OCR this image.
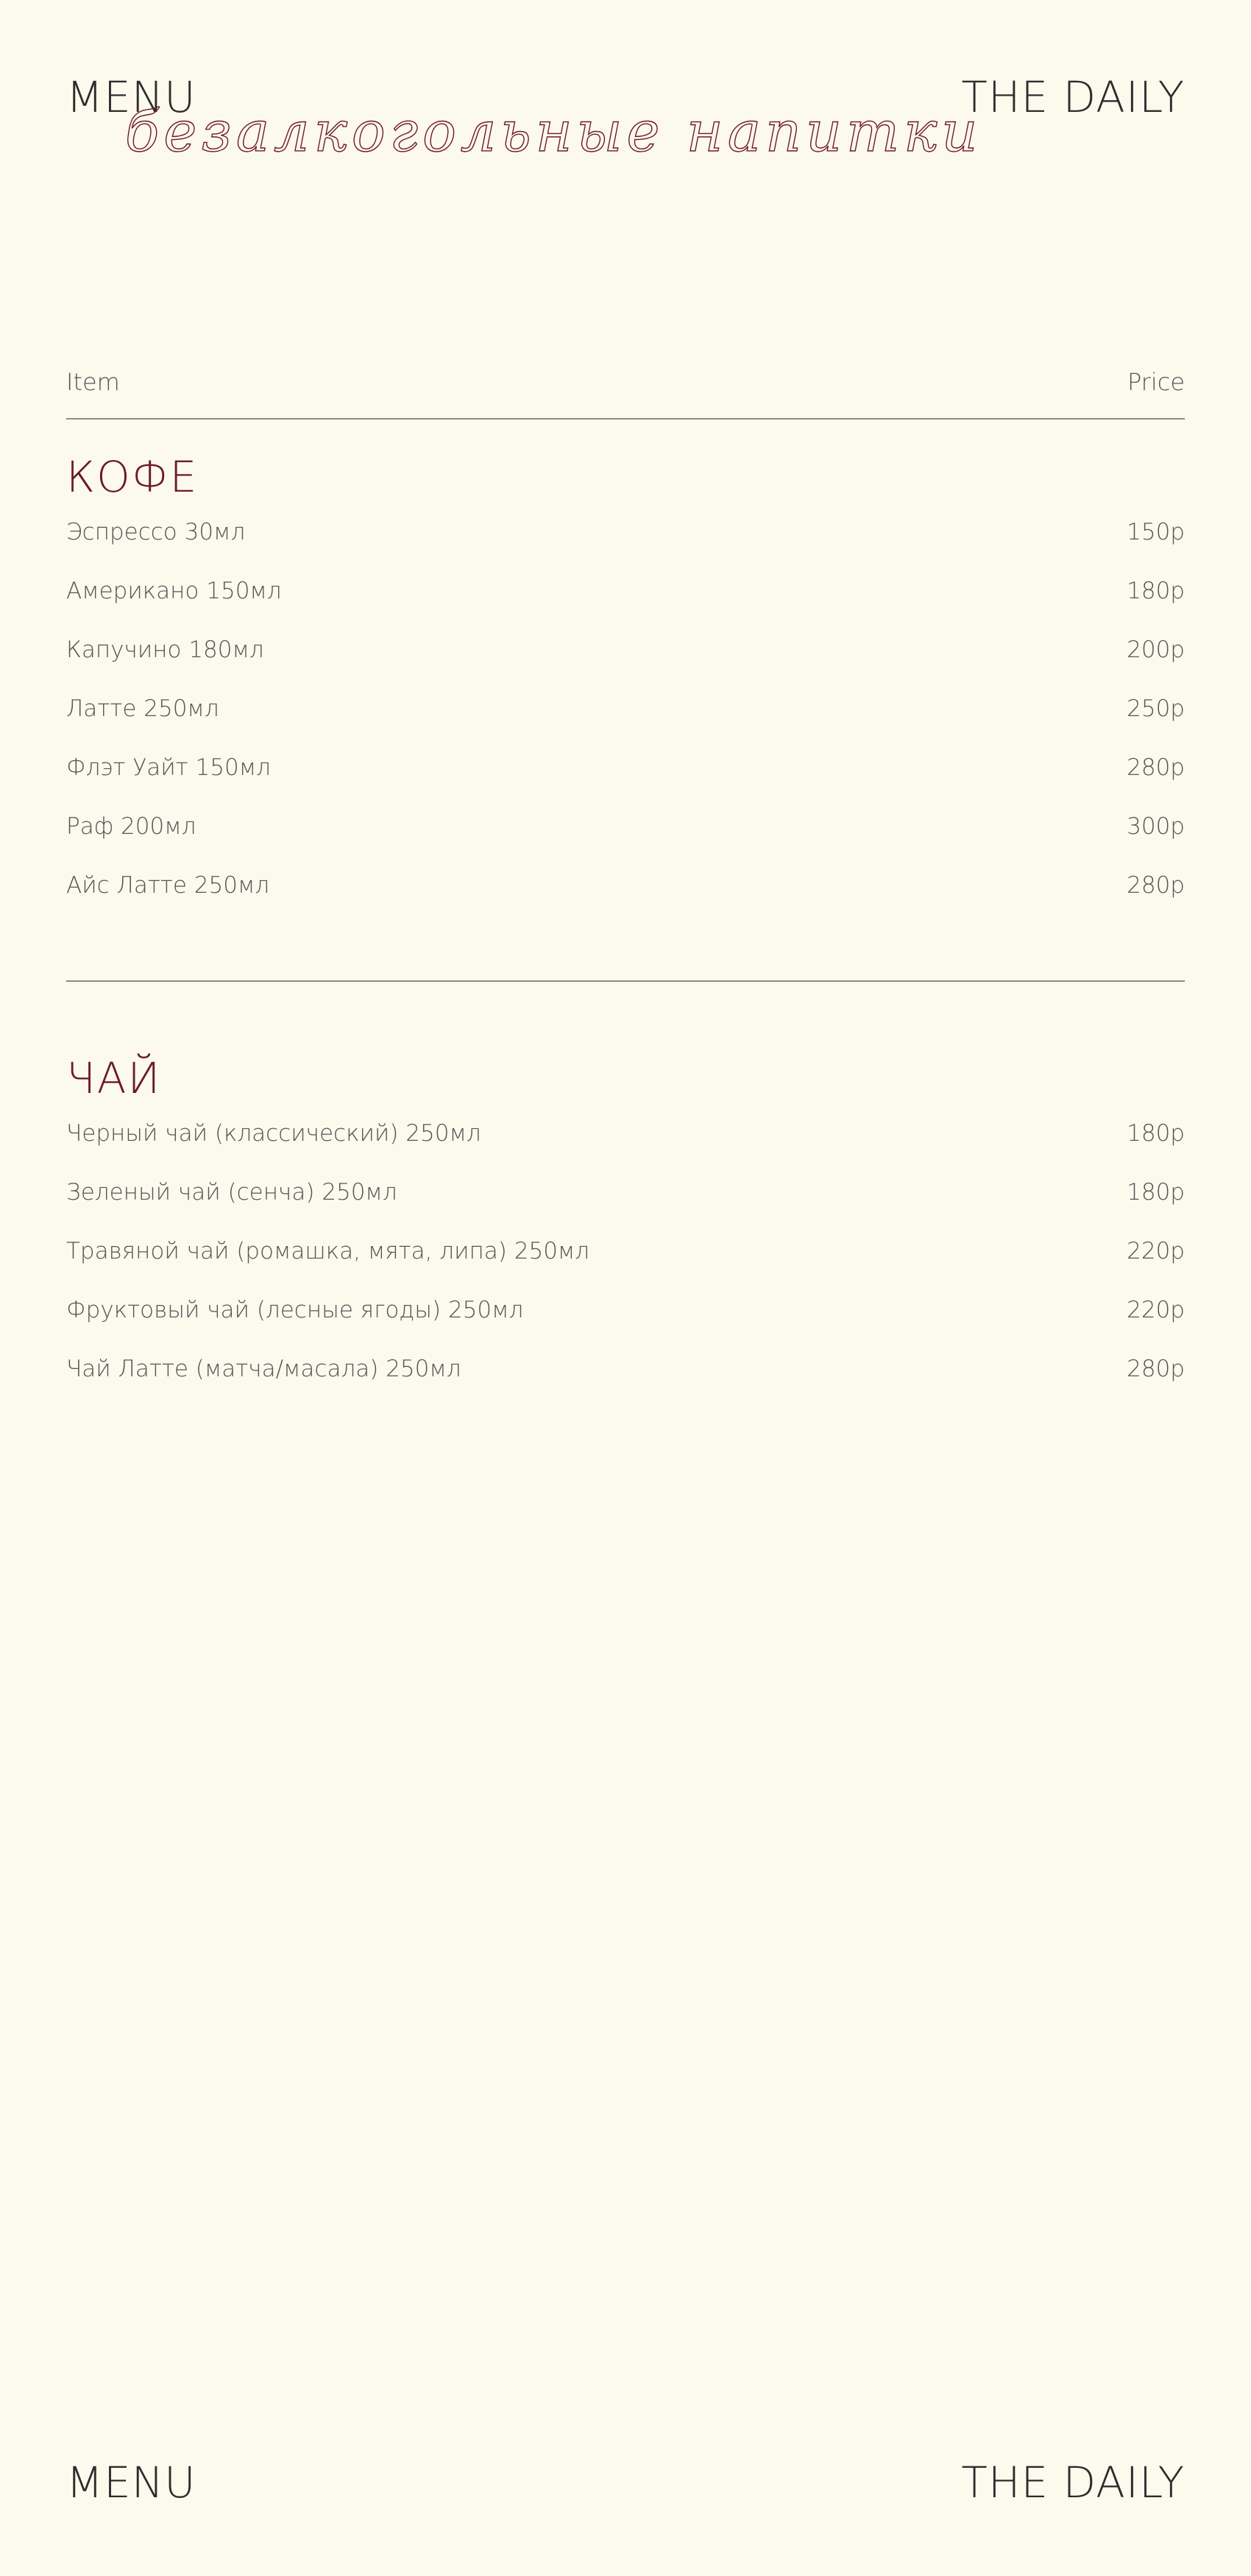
MENU	THE DAILY
безалкогольные напитки
Item	Price
КОФЕ
Эспрессо 30мл	150р
Американо 150мл	180р
Капучино 180мл	200р
Латте 250мл	250р
Флэт Уайт 150мл	280р
Раф 200мл	300р
Айс Латте 250мл	280р
ЧАЙ
Черный чай (классический) 250мл	180р
Зеленый чай (сенча) 250мл	180р
Травяной чай (ромашка, мята, липа) 250мл	220р
Фруктовый чай (лесные ягоды) 250мл	220р
Чай Латте (матча/масала) 250мл	280р
MENU	THE DAILY
